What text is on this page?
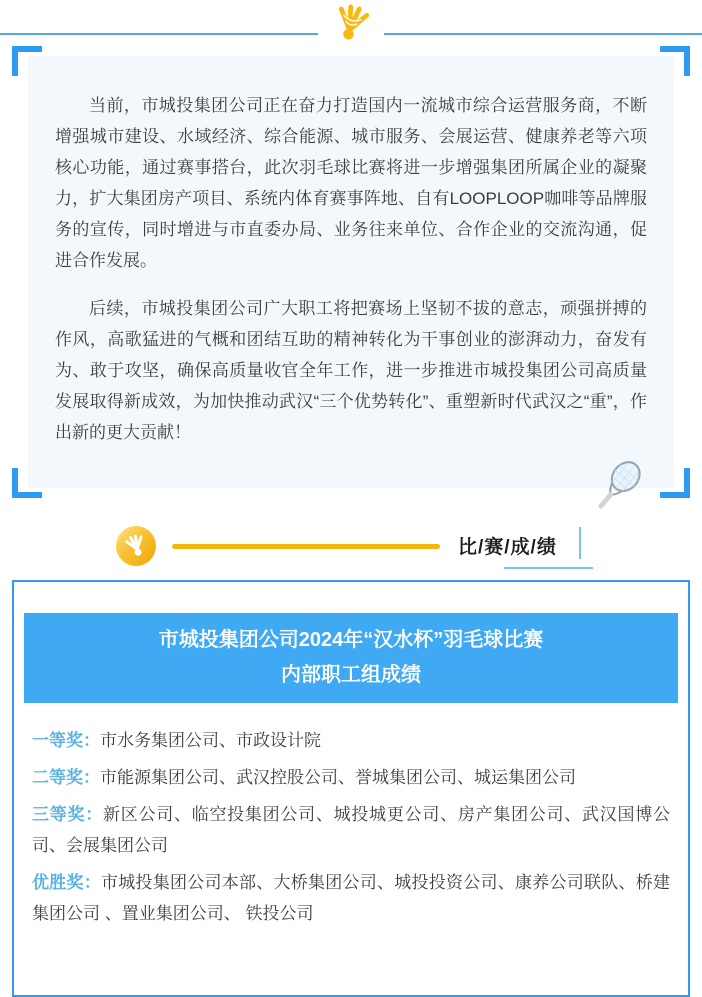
当前，市城投集团公司正在奋力打造国内一流城市综合运营服务商，不断增强城市建设、水域经济、综合能源、城市服务、会展运营、健康养老等六项核心功能，通过赛事搭台，此次羽毛球比赛将进一步增强集团所属企业的凝聚力，扩大集团房产项目、系统内体育赛事阵地、自有LOOPLOOP咖啡等品牌服务的宣传，同时增进与市直委办局、业务往来单位、合作企业的交流沟通，促进合作发展。

后续，市城投集团公司广大职工将把赛场上坚韧不拔的意志，顽强拼搏的作风，高歌猛进的气概和团结互助的精神转化为干事创业的澎湃动力，奋发有为、敢于攻坚，确保高质量收官全年工作，进一步推进市城投集团公司高质量发展取得新成效，为加快推动武汉“三个优势转化”、重塑新时代武汉之“重”，作出新的更大贡献！

比/赛/成/绩
市城投集团公司2024年“汉水杯”羽毛球比赛
内部职工组成绩

一等奖：市水务集团公司、市政设计院

二等奖：市能源集团公司、武汉控股公司、誉城集团公司、城运集团公司

三等奖：新区公司、临空投集团公司、城投城更公司、房产集团公司、武汉国博公司、会展集团公司

优胜奖：市城投集团公司本部、大桥集团公司、城投投资公司、康养公司联队、桥建集团公司 、置业集团公司、 铁投公司
